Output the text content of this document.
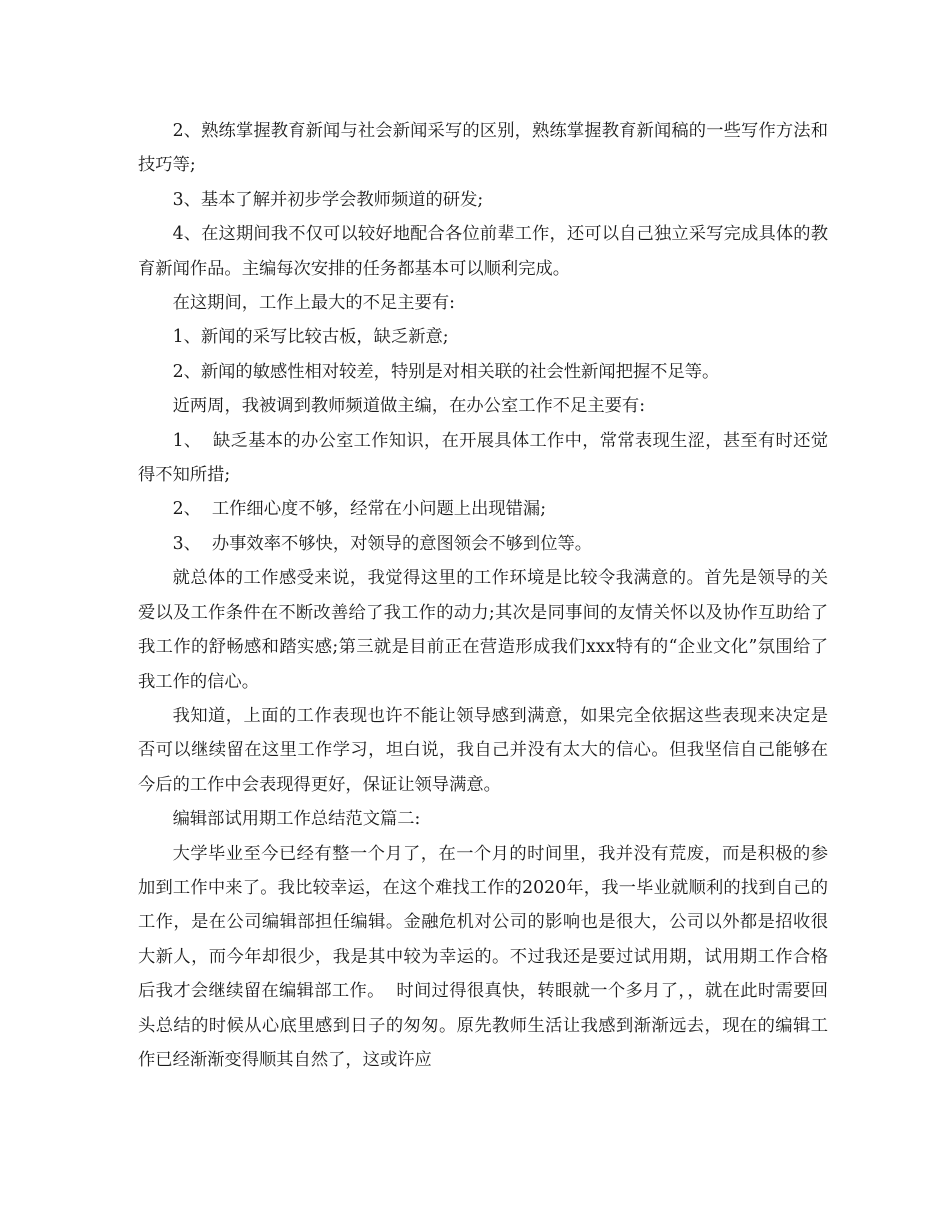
2、熟练掌握教育新闻与社会新闻采写的区别，熟练掌握教育新闻稿的一些写作方法和技巧等;

3、基本了解并初步学会教师频道的研发;

4、在这期间我不仅可以较好地配合各位前辈工作，还可以自己独立采写完成具体的教育新闻作品。主编每次安排的任务都基本可以顺利完成。

在这期间，工作上最大的不足主要有:

1、新闻的采写比较古板，缺乏新意;

2、新闻的敏感性相对较差，特别是对相关联的社会性新闻把握不足等。

近两周，我被调到教师频道做主编，在办公室工作不足主要有:

1、  缺乏基本的办公室工作知识，在开展具体工作中，常常表现生涩，甚至有时还觉得不知所措;

2、  工作细心度不够，经常在小问题上出现错漏;

3、  办事效率不够快，对领导的意图领会不够到位等。

就总体的工作感受来说，我觉得这里的工作环境是比较令我满意的。首先是领导的关爱以及工作条件在不断改善给了我工作的动力;其次是同事间的友情关怀以及协作互助给了我工作的舒畅感和踏实感;第三就是目前正在营造形成我们xxx特有的“企业文化”氛围给了我工作的信心。

我知道，上面的工作表现也许不能让领导感到满意，如果完全依据这些表现来决定是否可以继续留在这里工作学习，坦白说，我自己并没有太大的信心。但我坚信自己能够在今后的工作中会表现得更好，保证让领导满意。

编辑部试用期工作总结范文篇二:

大学毕业至今已经有整一个月了，在一个月的时间里，我并没有荒废，而是积极的参加到工作中来了。我比较幸运，在这个难找工作的2020年，我一毕业就顺利的找到自己的工作，是在公司编辑部担任编辑。金融危机对公司的影响也是很大，公司以外都是招收很大新人，而今年却很少，我是其中较为幸运的。不过我还是要过试用期，试用期工作合格后我才会继续留在编辑部工作。  时间过得很真快，转眼就一个多月了，，就在此时需要回头总结的时候从心底里感到日子的匆匆。原先教师生活让我感到渐渐远去，现在的编辑工作已经渐渐变得顺其自然了，这或许应
